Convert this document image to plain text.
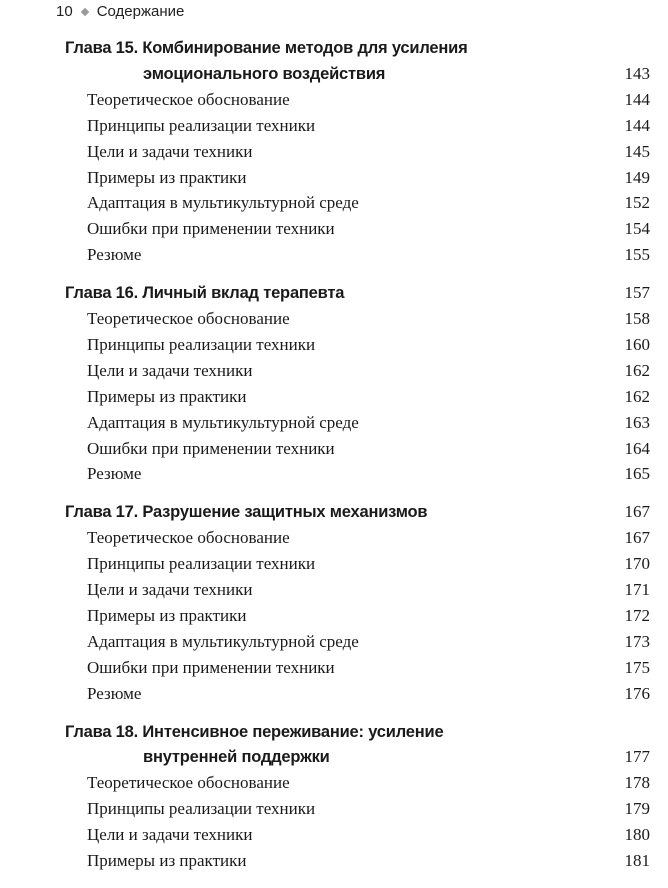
10 Содержание
Глава 15. Комбинирование методов для усиления
эмоционального воздействия	143
Теоретическое обоснование	144
Принципы реализации техники	144
Цели и задачи техники	145
Примеры из практики	149
Адаптация в мультикультурной среде	152
Ошибки при применении техники	154
Резюме	155
Глава 16. Личный вклад терапевта	157
Теоретическое обоснование	158
Принципы реализации техники	160
Цели и задачи техники	162
Примеры из практики	162
Адаптация в мультикультурной среде	163
Ошибки при применении техники	164
Резюме	165
Глава 17. Разрушение защитных механизмов	167
Теоретическое обоснование	167
Принципы реализации техники	170
Цели и задачи техники	171
Примеры из практики	172
Адаптация в мультикультурной среде	173
Ошибки при применении техники	175
Резюме	176
Глава 18. Интенсивное переживание: усиление
внутренней поддержки	177
Теоретическое обоснование	178
Принципы реализации техники	179
Цели и задачи техники	180
Примеры из практики	181
